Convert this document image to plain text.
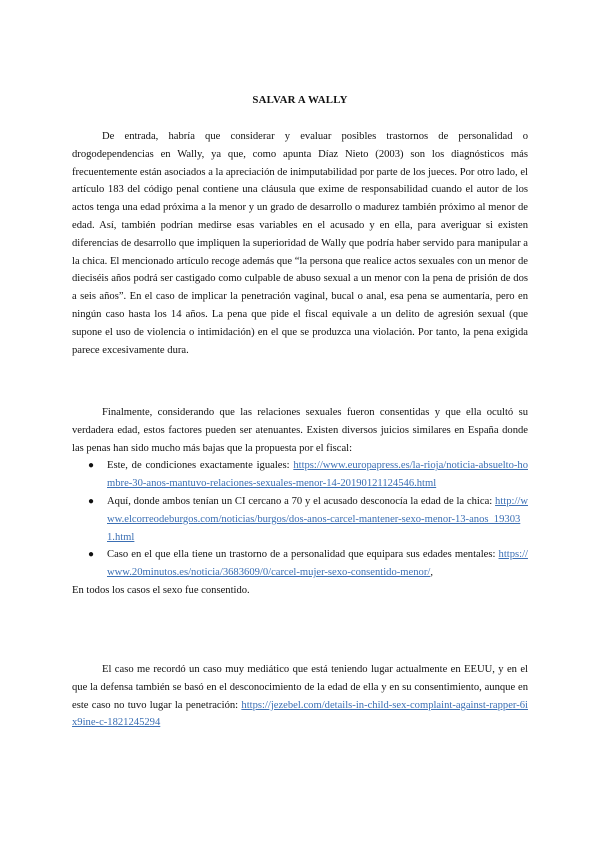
SALVAR A WALLY

De entrada, habría que considerar y evaluar posibles trastornos de personalidad o drogodependencias en Wally, ya que, como apunta Díaz Nieto (2003) son los diagnósticos más frecuentemente están asociados a la apreciación de inimputabilidad por parte de los jueces. Por otro lado, el artículo 183 del código penal contiene una cláusula que exime de responsabilidad cuando el autor de los actos tenga una edad próxima a la menor y un grado de desarrollo o madurez también próximo al menor de edad. Así, también podrían medirse esas variables en el acusado y en ella, para averiguar si existen diferencias de desarrollo que impliquen la superioridad de Wally que podría haber servido para manipular a la chica. El mencionado artículo recoge además que “la persona que realice actos sexuales con un menor de dieciséis años podrá ser castigado como culpable de abuso sexual a un menor con la pena de prisión de dos a seis años”. En el caso de implicar la penetración vaginal, bucal o anal, esa pena se aumentaría, pero en ningún caso hasta los 14 años. La pena que pide el fiscal equivale a un delito de agresión sexual (que supone el uso de violencia o intimidación) en el que se produzca una violación. Por tanto, la pena exigida parece excesivamente dura.

Finalmente, considerando que las relaciones sexuales fueron consentidas y que ella ocultó su verdadera edad, estos factores pueden ser atenuantes. Existen diversos juicios similares en España donde las penas han sido mucho más bajas que la propuesta por el fiscal:

● Este, de condiciones exactamente iguales: https://www.europapress.es/la-rioja/noticia-absuelto-hombre-30-anos-mantuvo-relaciones-sexuales-menor-14-20190121124546.html
● Aquí, donde ambos tenían un CI cercano a 70 y el acusado desconocía la edad de la chica: http://www.elcorreodeburgos.com/noticias/burgos/dos-anos-carcel-mantener-sexo-menor-13-anos_193031.html
● Caso en el que ella tiene un trastorno de a personalidad que equipara sus edades mentales: https://www.20minutos.es/noticia/3683609/0/carcel-mujer-sexo-consentido-menor/,

En todos los casos el sexo fue consentido.

El caso me recordó un caso muy mediático que está teniendo lugar actualmente en EEUU, y en el que la defensa también se basó en el desconocimiento de la edad de ella y en su consentimiento, aunque en este caso no tuvo lugar la penetración: https://jezebel.com/details-in-child-sex-complaint-against-rapper-6ix9ine-c-1821245294
